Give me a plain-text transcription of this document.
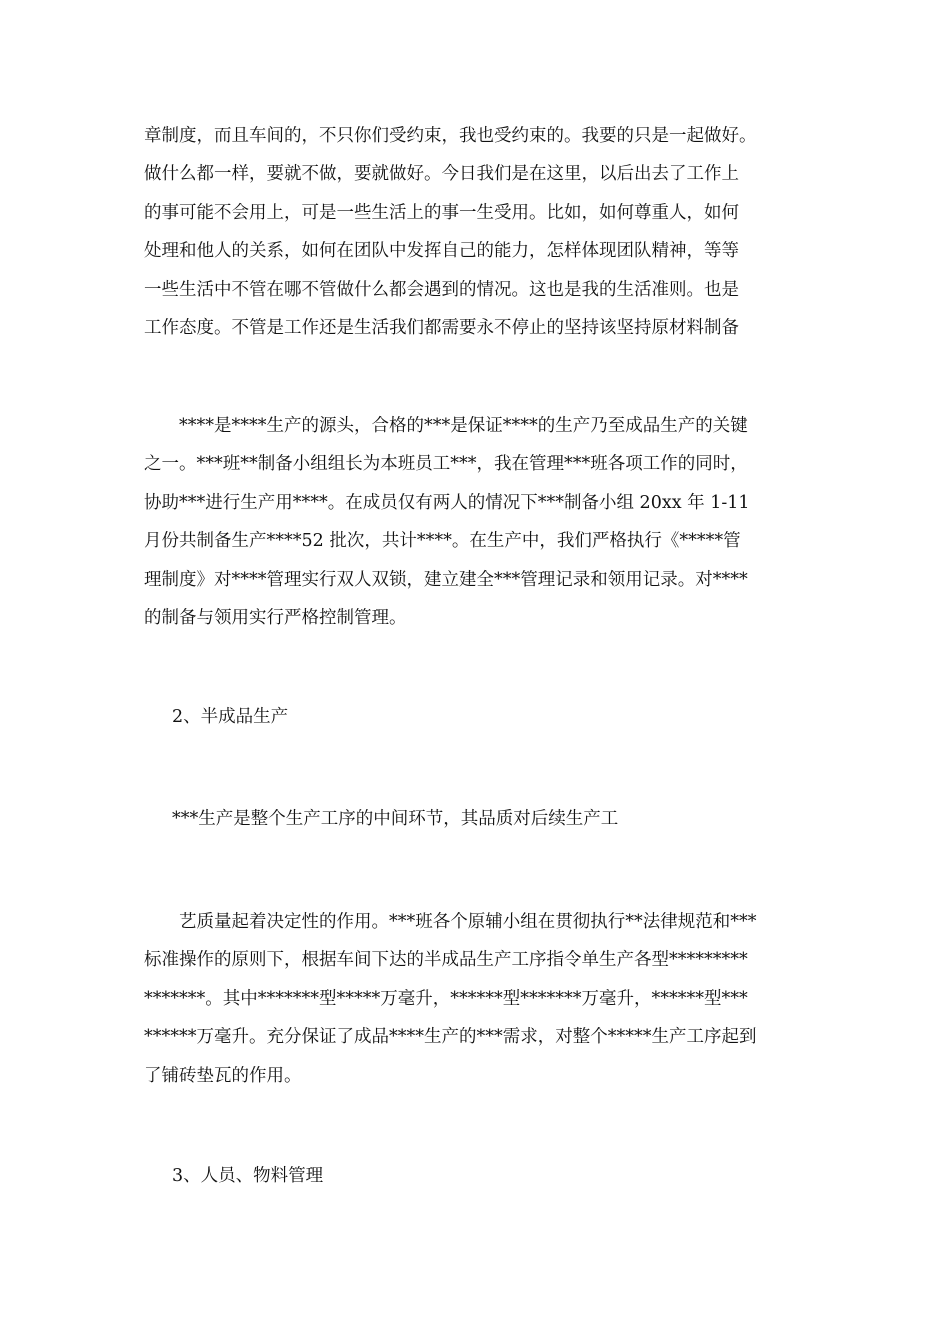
章制度，而且车间的，不只你们受约束，我也受约束的。我要的只是一起做好。
做什么都一样，要就不做，要就做好。今日我们是在这里，以后出去了工作上
的事可能不会用上，可是一些生活上的事一生受用。比如，如何尊重人，如何
处理和他人的关系，如何在团队中发挥自己的能力，怎样体现团队精神，等等
一些生活中不管在哪不管做什么都会遇到的情况。这也是我的生活准则。也是
工作态度。不管是工作还是生活我们都需要永不停止的坚持该坚持原材料制备
　　****是****生产的源头，合格的***是保证****的生产乃至成品生产的关键
之一。***班**制备小组组长为本班员工***，我在管理***班各项工作的同时，
协助***进行生产用****。在成员仅有两人的情况下***制备小组 20xx 年 1-11
月份共制备生产****52 批次，共计****。在生产中，我们严格执行《*****管
理制度》对****管理实行双人双锁，建立建全***管理记录和领用记录。对****
的制备与领用实行严格控制管理。
2、半成品生产
***生产是整个生产工序的中间环节，其品质对后续生产工
　　艺质量起着决定性的作用。***班各个原辅小组在贯彻执行**法律规范和***
标准操作的原则下，根据车间下达的半成品生产工序指令单生产各型*********
*******。其中*******型*****万毫升，******型*******万毫升，******型***
******万毫升。充分保证了成品****生产的***需求，对整个*****生产工序起到
了铺砖垫瓦的作用。
3、人员、物料管理
